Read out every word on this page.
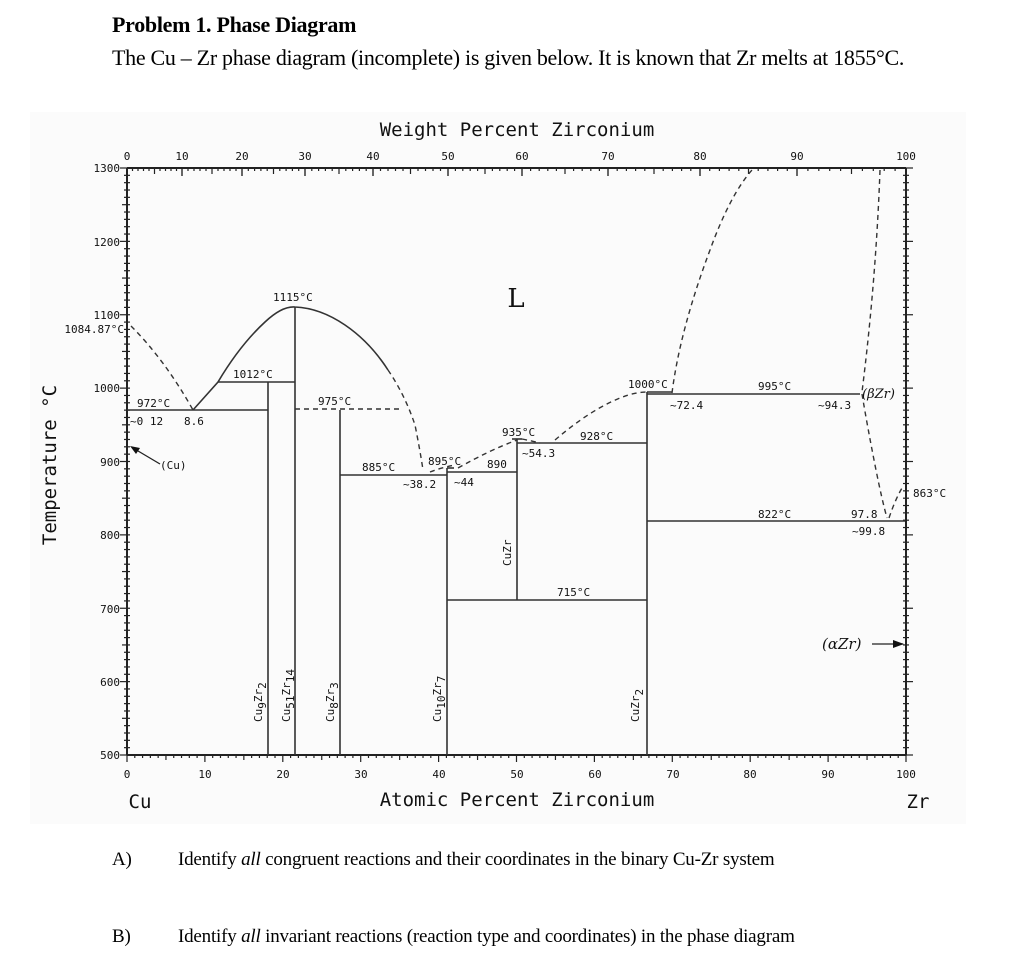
Problem 1. Phase Diagram
The Cu – Zr phase diagram (incomplete) is given below. It is known that Zr melts at 1855°C.
Weight Percent Zirconium
Atomic Percent Zirconium
Temperature °C
Cu	Zr
0	10	20	30	40	50	60	70	80	90	100
0	10	20	30	40	50	60	70	80	90	100
1300
1200
1100
1000
900
800
700
600
500
1084.87°C
L
(Cu)
(βZr)
(αZr)
972°C
~0 12 8.6
1012°C
1115°C
975°C
885°C
~38.2
895°C
~44
890
935°C
~54.3
928°C
1000°C
~72.4
995°C
~94.3
715°C
822°C	97.8
~99.8
863°C
Cu9Zr2
Cu51Zr14
Cu8Zr3
Cu10Zr7
CuZr
CuZr2
A) Identify all congruent reactions and their coordinates in the binary Cu-Zr system
B) Identify all invariant reactions (reaction type and coordinates) in the phase diagram
